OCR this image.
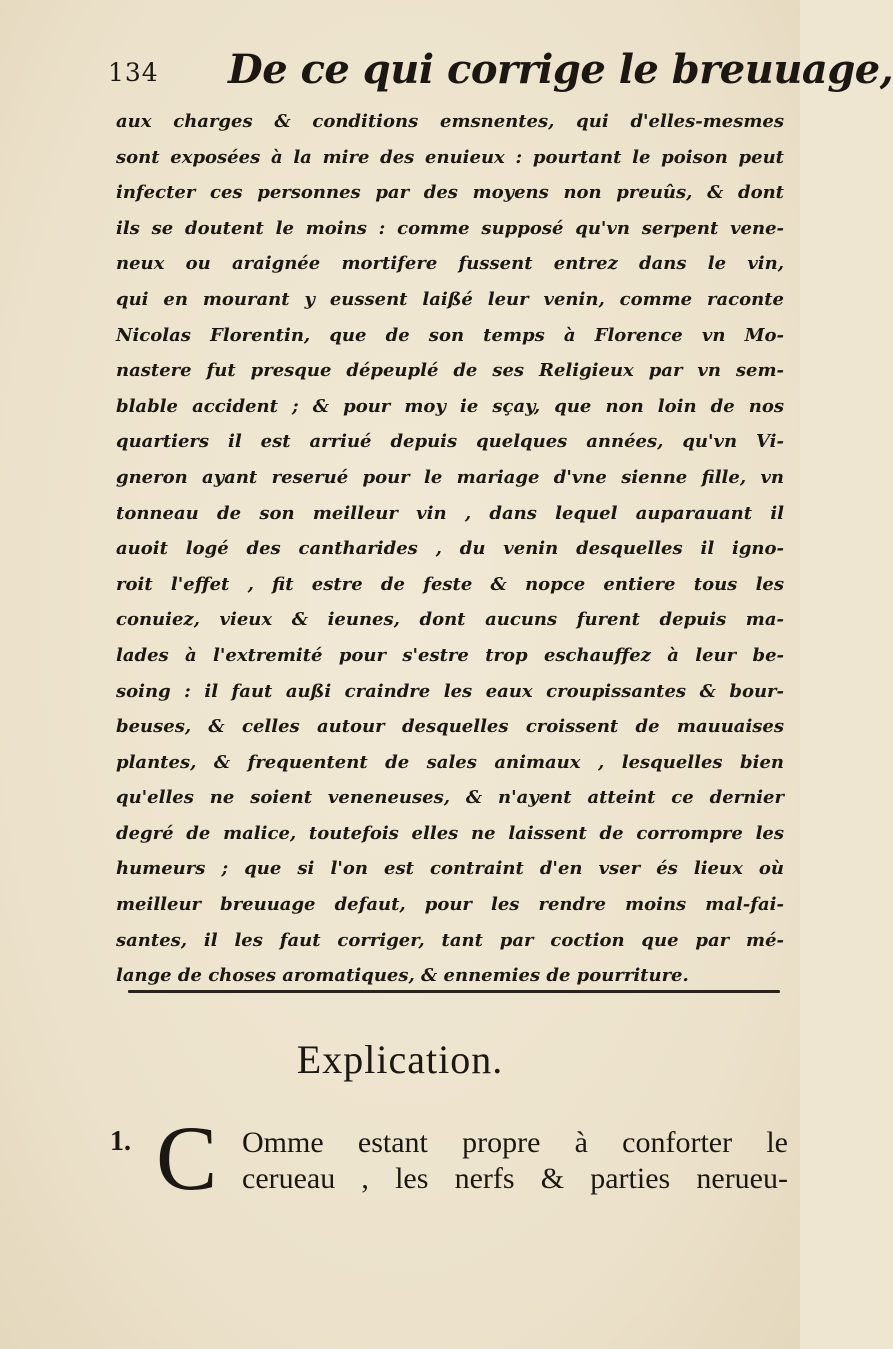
134 De ce qui corrige le breuuage,
aux charges & conditions emsnentes, qui d'elles-mesmes
sont exposées à la mire des enuieux : pourtant le poison peut
infecter ces personnes par des moyens non preuûs, & dont
ils se doutent le moins : comme supposé qu'vn serpent vene-
neux ou araignée mortifere fussent entrez dans le vin,
qui en mourant y eussent laißé leur venin, comme raconte
Nicolas Florentin, que de son temps à Florence vn Mo-
nastere fut presque dépeuplé de ses Religieux par vn sem-
blable accident ; & pour moy ie sçay, que non loin de nos
quartiers il est arriué depuis quelques années, qu'vn Vi-
gneron ayant reserué pour le mariage d'vne sienne fille, vn
tonneau de son meilleur vin , dans lequel auparauant il
auoit logé des cantharides , du venin desquelles il igno-
roit l'effet , fit estre de feste & nopce entiere tous les
conuiez, vieux & ieunes, dont aucuns furent depuis ma-
lades à l'extremité pour s'estre trop eschauffez à leur be-
soing : il faut außi craindre les eaux croupissantes & bour-
beuses, & celles autour desquelles croissent de mauuaises
plantes, & frequentent de sales animaux , lesquelles bien
qu'elles ne soient veneneuses, & n'ayent atteint ce dernier
degré de malice, toutefois elles ne laissent de corrompre les
humeurs ; que si l'on est contraint d'en vser és lieux où
meilleur breuuage defaut, pour les rendre moins mal-fai-
santes, il les faut corriger, tant par coction que par mé-
lange de choses aromatiques, & ennemies de pourriture.
Explication.
1. C Omme estant propre à conforter le
cerueau , les nerfs & parties nerueu-
